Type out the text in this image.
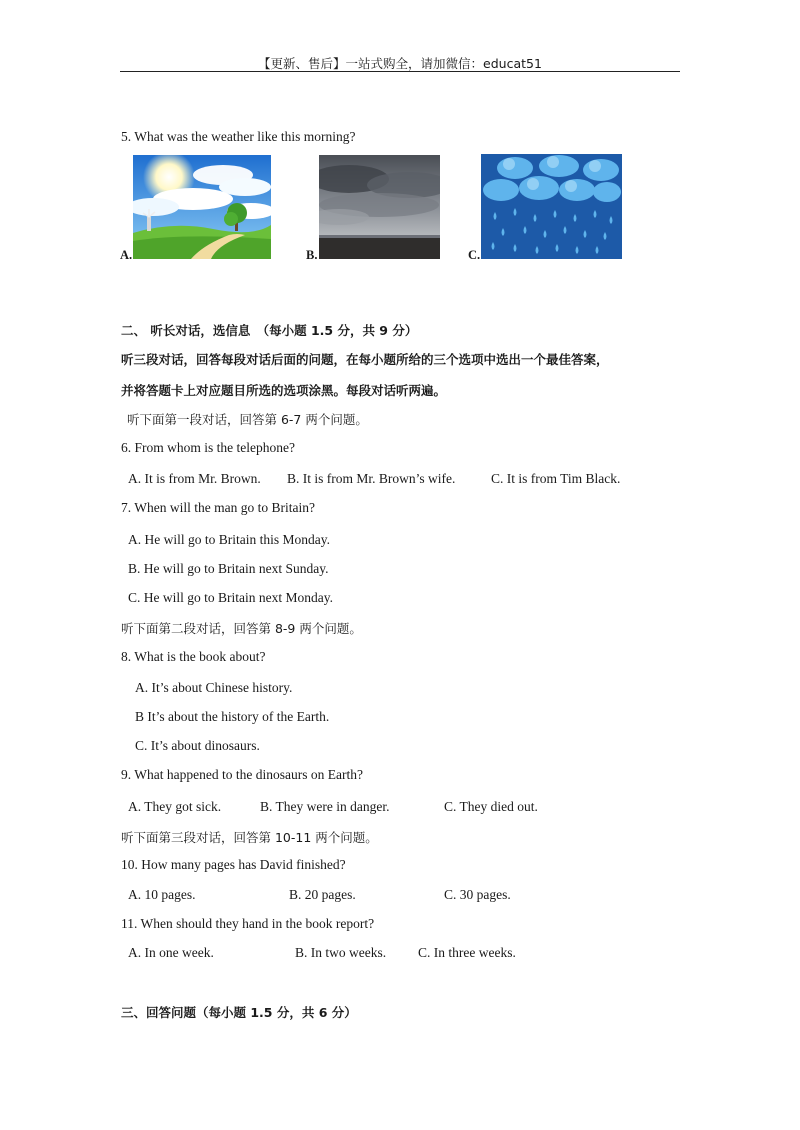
【更新、售后】一站式购全，请加微信：educat51
5. What was the weather like this morning?
A.	B.	C.
二、 听长对话，选信息　（每小题 1.5 分，共 9 分）
听三段对话，回答每段对话后面的问题，在每小题所给的三个选项中选出一个最佳答案，
并将答题卡上对应题目所选的选项涂黑。每段对话听两遍。
听下面第一段对话，回答第 6-7 两个问题。
6. From whom is the telephone?
A. It is from Mr. Brown. B. It is from Mr. Brown’s wife.	C. It is from Tim Black.
7. When will the man go to Britain?
A. He will go to Britain this Monday.
B. He will go to Britain next Sunday.
C. He will go to Britain next Monday.
听下面第二段对话，回答第 8-9 两个问题。
8. What is the book about?
A. It’s about Chinese history.
B It’s about the history of the Earth.
C. It’s about dinosaurs.
9. What happened to the dinosaurs on Earth?
A. They got sick.	B. They were in danger.	C. They died out.
听下面第三段对话，回答第 10-11 两个问题。
10. How many pages has David finished?
A. 10 pages.	B. 20 pages.	C. 30 pages.
11. When should they hand in the book report?
A. In one week.	B. In two weeks. C. In three weeks.
三、回答问题（每小题 1.5 分，共 6 分）
